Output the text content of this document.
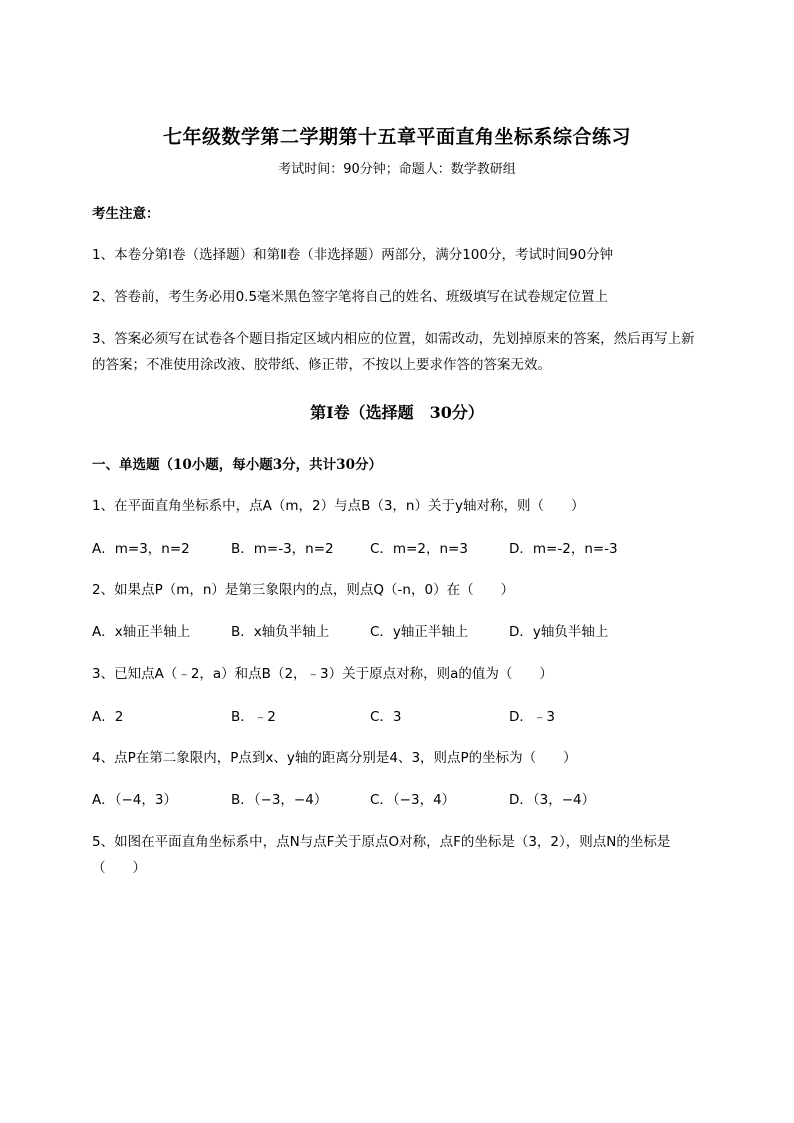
七年级数学第二学期第十五章平面直角坐标系综合练习
考试时间：90分钟；命题人：数学教研组
考生注意：
1、本卷分第Ⅰ卷（选择题）和第Ⅱ卷（非选择题）两部分，满分100分，考试时间90分钟
2、答卷前，考生务必用0.5毫米黑色签字笔将自己的姓名、班级填写在试卷规定位置上
3、答案必须写在试卷各个题目指定区域内相应的位置，如需改动，先划掉原来的答案，然后再写上新
的答案；不准使用涂改液、胶带纸、修正带，不按以上要求作答的答案无效。
第Ⅰ卷（选择题　30分）
一、单选题（10小题，每小题3分，共计30分）
1、在平面直角坐标系中，点A（m，2）与点B（3，n）关于y轴对称，则（　　）
A．m=3，n=2	B．m=-3，n=2	C．m=2，n=3	D．m=-2，n=-3
2、如果点P（m，n）是第三象限内的点，则点Q（-n，0）在（　　）
A．x轴正半轴上	B．x轴负半轴上	C．y轴正半轴上	D．y轴负半轴上
3、已知点A（﹣2，a）和点B（2，﹣3）关于原点对称，则a的值为（　　）
A．2	B．﹣2	C．3	D．﹣3
4、点P在第二象限内，P点到x、y轴的距离分别是4、3，则点P的坐标为（　　）
A．（−4，3）	B．（−3，−4）	C．（−3，4）	D．（3，−4）
5、如图在平面直角坐标系中，点N与点F关于原点O对称，点F的坐标是（3，2），则点N的坐标是
（　　）
